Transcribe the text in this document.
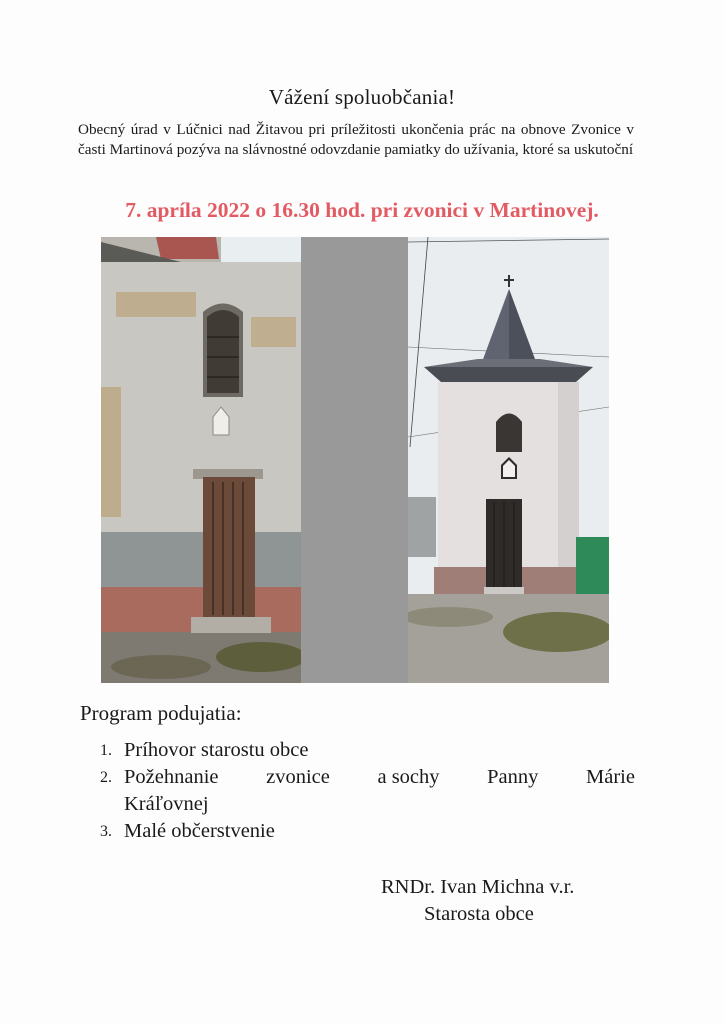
Vážení spoluobčania!

Obecný úrad v Lúčnici nad Žitavou pri príležitosti ukončenia prác na obnove Zvonice v časti Martinová pozýva na slávnostné odovzdanie pamiatky do užívania, ktoré sa uskutoční

7. apríla 2022 o 16.30 hod. pri zvonici v Martinovej.
Program podujatia:
1. Príhovor starostu obce
2. Požehnanie zvonice a sochy Panny Márie
Kráľovnej
3. Malé občerstvenie
RNDr. Ivan Michna v.r.
Starosta obce
